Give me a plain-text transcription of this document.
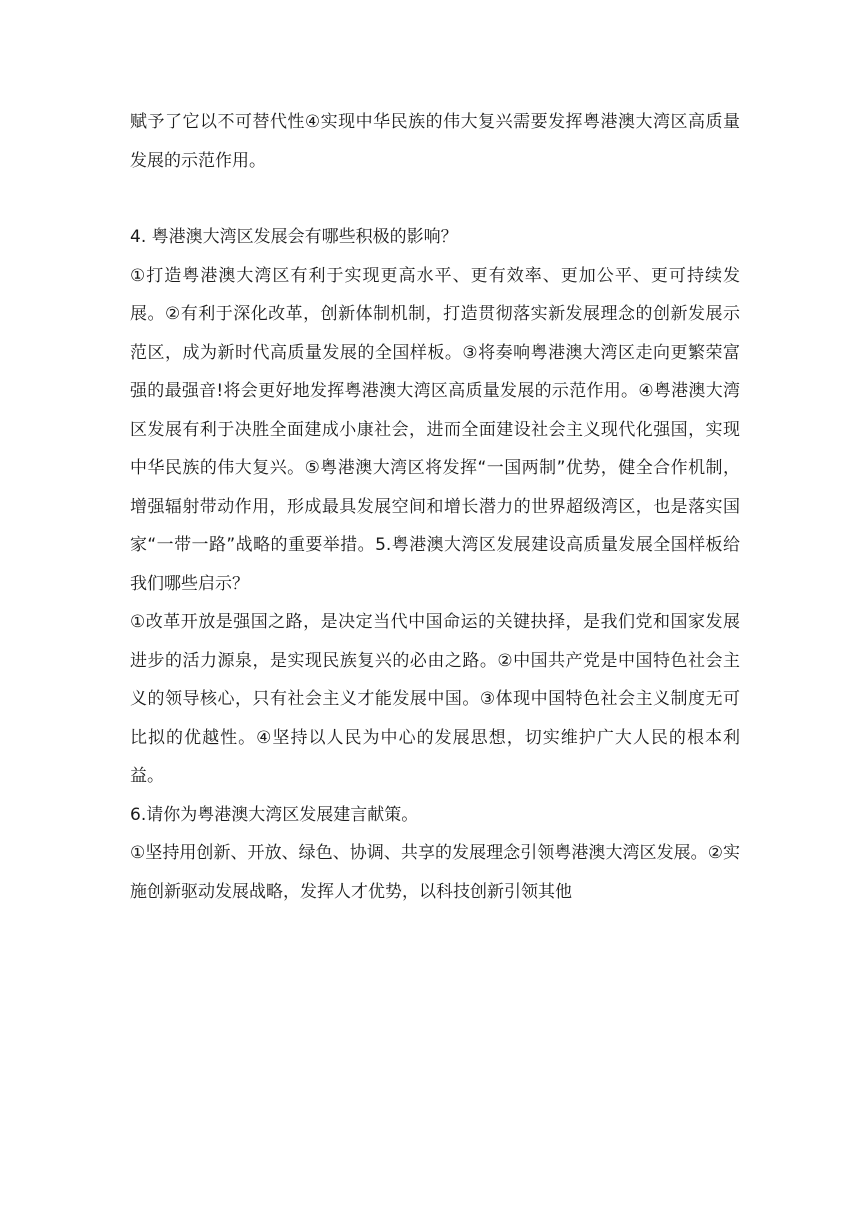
赋予了它以不可替代性④实现中华民族的伟大复兴需要发挥粤港澳大湾区高质量发展的示范作用。

4. 粤港澳大湾区发展会有哪些积极的影响？

①打造粤港澳大湾区有利于实现更高水平、更有效率、更加公平、更可持续发展。②有利于深化改革，创新体制机制，打造贯彻落实新发展理念的创新发展示范区，成为新时代高质量发展的全国样板。③将奏响粤港澳大湾区走向更繁荣富强的最强音!将会更好地发挥粤港澳大湾区高质量发展的示范作用。④粤港澳大湾区发展有利于决胜全面建成小康社会，进而全面建设社会主义现代化强国，实现中华民族的伟大复兴。⑤粤港澳大湾区将发挥“一国两制”优势，健全合作机制，增强辐射带动作用，形成最具发展空间和增长潜力的世界超级湾区，也是落实国家“一带一路”战略的重要举措。5.粤港澳大湾区发展建设高质量发展全国样板给我们哪些启示？

①改革开放是强国之路，是决定当代中国命运的关键抉择，是我们党和国家发展进步的活力源泉，是实现民族复兴的必由之路。②中国共产党是中国特色社会主义的领导核心，只有社会主义才能发展中国。③体现中国特色社会主义制度无可比拟的优越性。④坚持以人民为中心的发展思想，切实维护广大人民的根本利益。

6.请你为粤港澳大湾区发展建言献策。

①坚持用创新、开放、绿色、协调、共享的发展理念引领粤港澳大湾区发展。②实施创新驱动发展战略，发挥人才优势，以科技创新引领其他
